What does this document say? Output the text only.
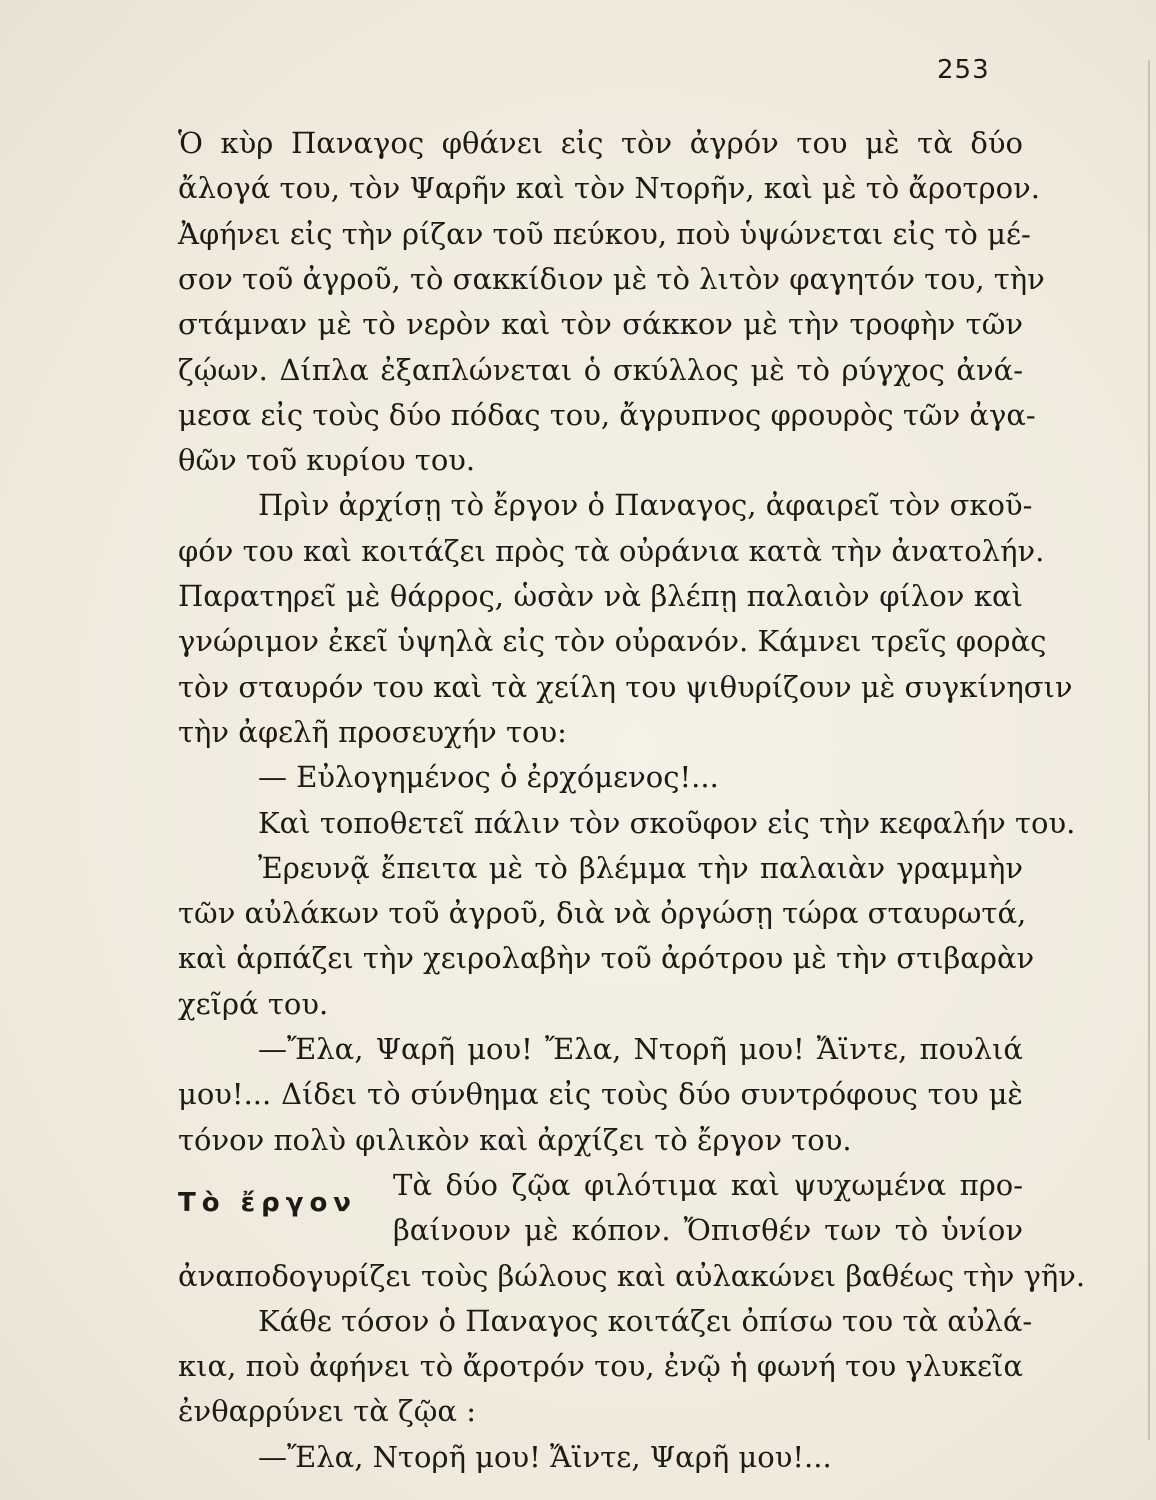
253
Ὁ κὺρ Παναγος φθάνει εἰς τὸν ἀγρόν του μὲ τὰ δύο
ἄλογά του, τὸν Ψαρῆν καὶ τὸν Ντορῆν, καὶ μὲ τὸ ἄροτρον.
Ἀφήνει εἰς τὴν ρίζαν τοῦ πεύκου, ποὺ ὑψώνεται εἰς τὸ μέ-
σον τοῦ ἀγροῦ, τὸ σακκίδιον μὲ τὸ λιτὸν φαγητόν του, τὴν
στάμναν μὲ τὸ νερὸν καὶ τὸν σάκκον μὲ τὴν τροφὴν τῶν
ζῴων. Δίπλα ἐξαπλώνεται ὁ σκύλλος μὲ τὸ ρύγχος ἀνά-
μεσα εἰς τοὺς δύο πόδας του, ἄγρυπνος φρουρὸς τῶν ἀγα-
θῶν τοῦ κυρίου του.
Πρὶν ἀρχίσῃ τὸ ἔργον ὁ Παναγος, ἀφαιρεῖ τὸν σκοῦ-
φόν του καὶ κοιτάζει πρὸς τὰ οὐράνια κατὰ τὴν ἀνατολήν.
Παρατηρεῖ μὲ θάρρος, ὡσὰν νὰ βλέπῃ παλαιὸν φίλον καὶ
γνώριμον ἐκεῖ ὑψηλὰ εἰς τὸν οὐρανόν. Κάμνει τρεῖς φορὰς
τὸν σταυρόν του καὶ τὰ χείλη του ψιθυρίζουν μὲ συγκίνησιν
τὴν ἀφελῆ προσευχήν του:
— Εὐλογημένος ὁ ἐρχόμενος!...
Καὶ τοποθετεῖ πάλιν τὸν σκοῦφον εἰς τὴν κεφαλήν του.
Ἐρευνᾷ ἔπειτα μὲ τὸ βλέμμα τὴν παλαιὰν γραμμὴν
τῶν αὐλάκων τοῦ ἀγροῦ, διὰ νὰ ὀργώσῃ τώρα σταυρωτά,
καὶ ἁρπάζει τὴν χειρολαβὴν τοῦ ἀρότρου μὲ τὴν στιβαρὰν
χεῖρά του.
—Ἔλα, Ψαρῆ μου! Ἔλα, Ντορῆ μου! Ἄϊντε, πουλιά
μου!... Δίδει τὸ σύνθημα εἰς τοὺς δύο συντρόφους του μὲ
τόνον πολὺ φιλικὸν καὶ ἀρχίζει τὸ ἔργον του.
Τὰ δύο ζῷα φιλότιμα καὶ ψυχωμένα προ-
βαίνουν μὲ κόπον. Ὄπισθέν των τὸ ὑνίον
ἀναποδογυρίζει τοὺς βώλους καὶ αὐλακώνει βαθέως τὴν γῆν.
Κάθε τόσον ὁ Παναγος κοιτάζει ὀπίσω του τὰ αὐλά-
κια, ποὺ ἀφήνει τὸ ἄροτρόν του, ἐνῷ ἡ φωνή του γλυκεῖα
ἐνθαρρύνει τὰ ζῷα :
—Ἔλα, Ντορῆ μου! Ἄϊντε, Ψαρῆ μου!...
Τὸ ἔργον
